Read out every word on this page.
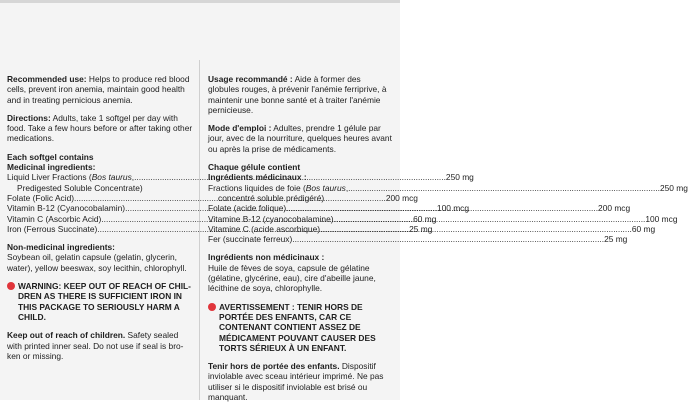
Recommended use: Helps to produce red blood cells, prevent iron anemia, maintain good health and in treating pernicious anemia.

Directions: Adults, take 1 softgel per day with food. Take a few hours before or after taking other medications.

Each softgel contains
Medicinal ingredients:
Liquid Liver Fractions (Bos taurus, .....	250 mg
Predigested Soluble Concentrate)
Folate (Folic Acid) .....	200 mcg
Vitamin B-12 (Cyanocobalamin) .....	100 mcg
Vitamin C (Ascorbic Acid) .....	60 mg
Iron (Ferrous Succinate) .....	25 mg
Non-medicinal ingredients:

Soybean oil, gelatin capsule (gelatin, glycerin, water), yellow beeswax, soy lecithin, chlorophyll.

WARNING: KEEP OUT OF REACH OF CHIL-DREN AS THERE IS SUFFICIENT IRON IN THIS PACKAGE TO SERIOUSLY HARM A CHILD.

Keep out of reach of children. Safety sealed with printed inner seal. Do not use if seal is bro-ken or missing.

Usage recommandé : Aide à former des globules rouges, à prévenir l'anémie ferriprive, à maintenir une bonne santé et à traiter l'anémie pernicieuse.

Mode d'emploi : Adultes, prendre 1 gélule par jour, avec de la nourriture, quelques heures avant ou après la prise de médicaments.

Chaque gélule contient
Ingrédients médicinaux :
Fractions liquides de foie (Bos taurus, .....	250 mg
concentré soluble prédigéré)
Folate (acide folique) .....	200 mcg
Vitamine B-12 (cyanocobalamine) .....	100 mcg
Vitamine C (acide ascorbique) .....	60 mg
Fer (succinate ferreux) .....	25 mg
Ingrédients non médicinaux :

Huile de fèves de soya, capsule de gélatine (gélatine, glycérine, eau), cire d'abeille jaune, lécithine de soya, chlorophylle.

AVERTISSEMENT : TENIR HORS DE PORTÉE DES ENFANTS, CAR CE CONTENANT CONTIENT ASSEZ DE MÉDICAMENT POUVANT CAUSER DES TORTS SÉRIEUX À UN ENFANT.

Tenir hors de portée des enfants. Dispositif inviolable avec sceau intérieur imprimé. Ne pas utiliser si le dispositif inviolable est brisé ou manquant.
